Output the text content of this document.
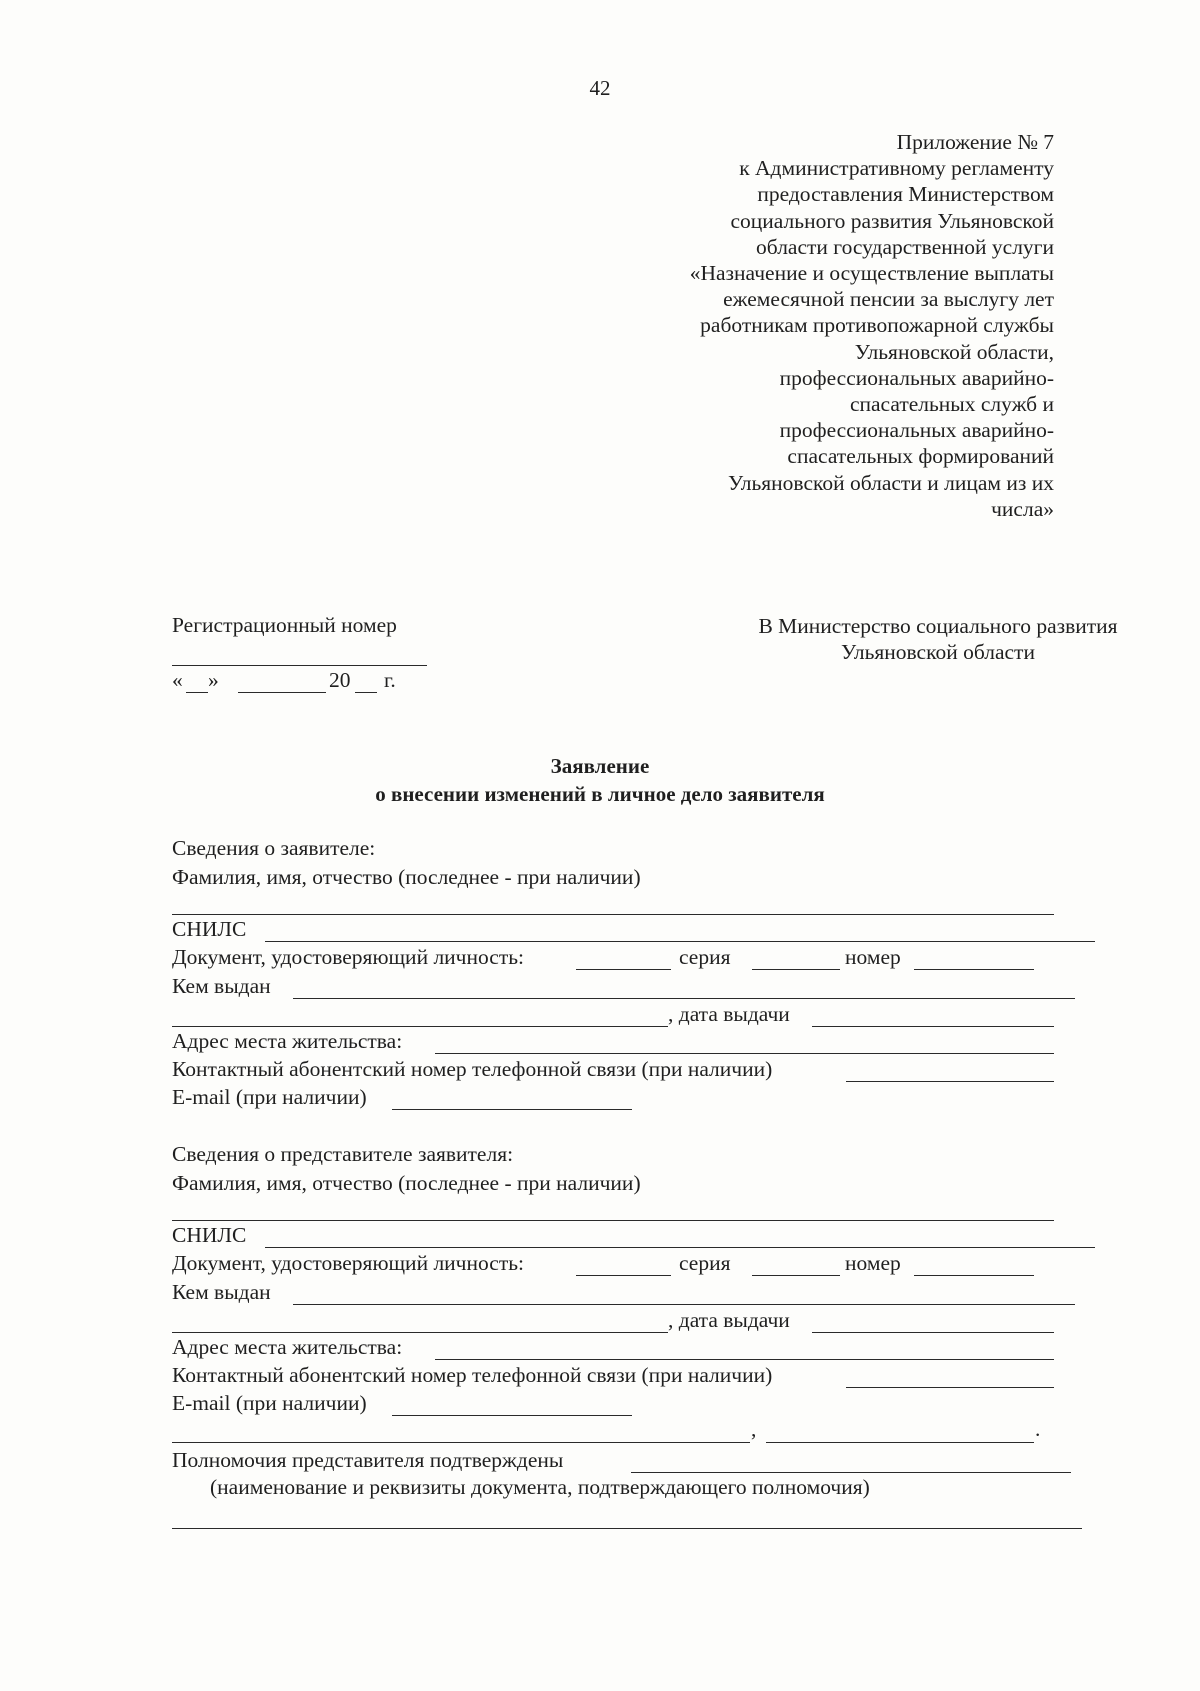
42
Приложение № 7
к Административному регламенту
предоставления Министерством
социального развития Ульяновской
области государственной услуги
«Назначение и осуществление выплаты
ежемесячной пенсии за выслугу лет
работникам противопожарной службы
Ульяновской области,
профессиональных аварийно-
спасательных служб и
профессиональных аварийно-
спасательных формирований
Ульяновской области и лицам из их
числа»
Регистрационный номер
« »	20 г.
В Министерство социального развития
Ульяновской области
Заявление
о внесении изменений в личное дело заявителя
Сведения о заявителе:
Фамилия, имя, отчество (последнее - при наличии)
СНИЛС
Документ, удостоверяющий личность:	серия	номер
Кем выдан
, дата выдачи
Адрес места жительства:
Контактный абонентский номер телефонной связи (при наличии)
E-mail (при наличии)
Сведения о представителе заявителя:
Фамилия, имя, отчество (последнее - при наличии)
СНИЛС
Документ, удостоверяющий личность:	серия	номер
Кем выдан
, дата выдачи
Адрес места жительства:
Контактный абонентский номер телефонной связи (при наличии)
E-mail (при наличии)
,	.
Полномочия представителя подтверждены
(наименование и реквизиты документа, подтверждающего полномочия)
